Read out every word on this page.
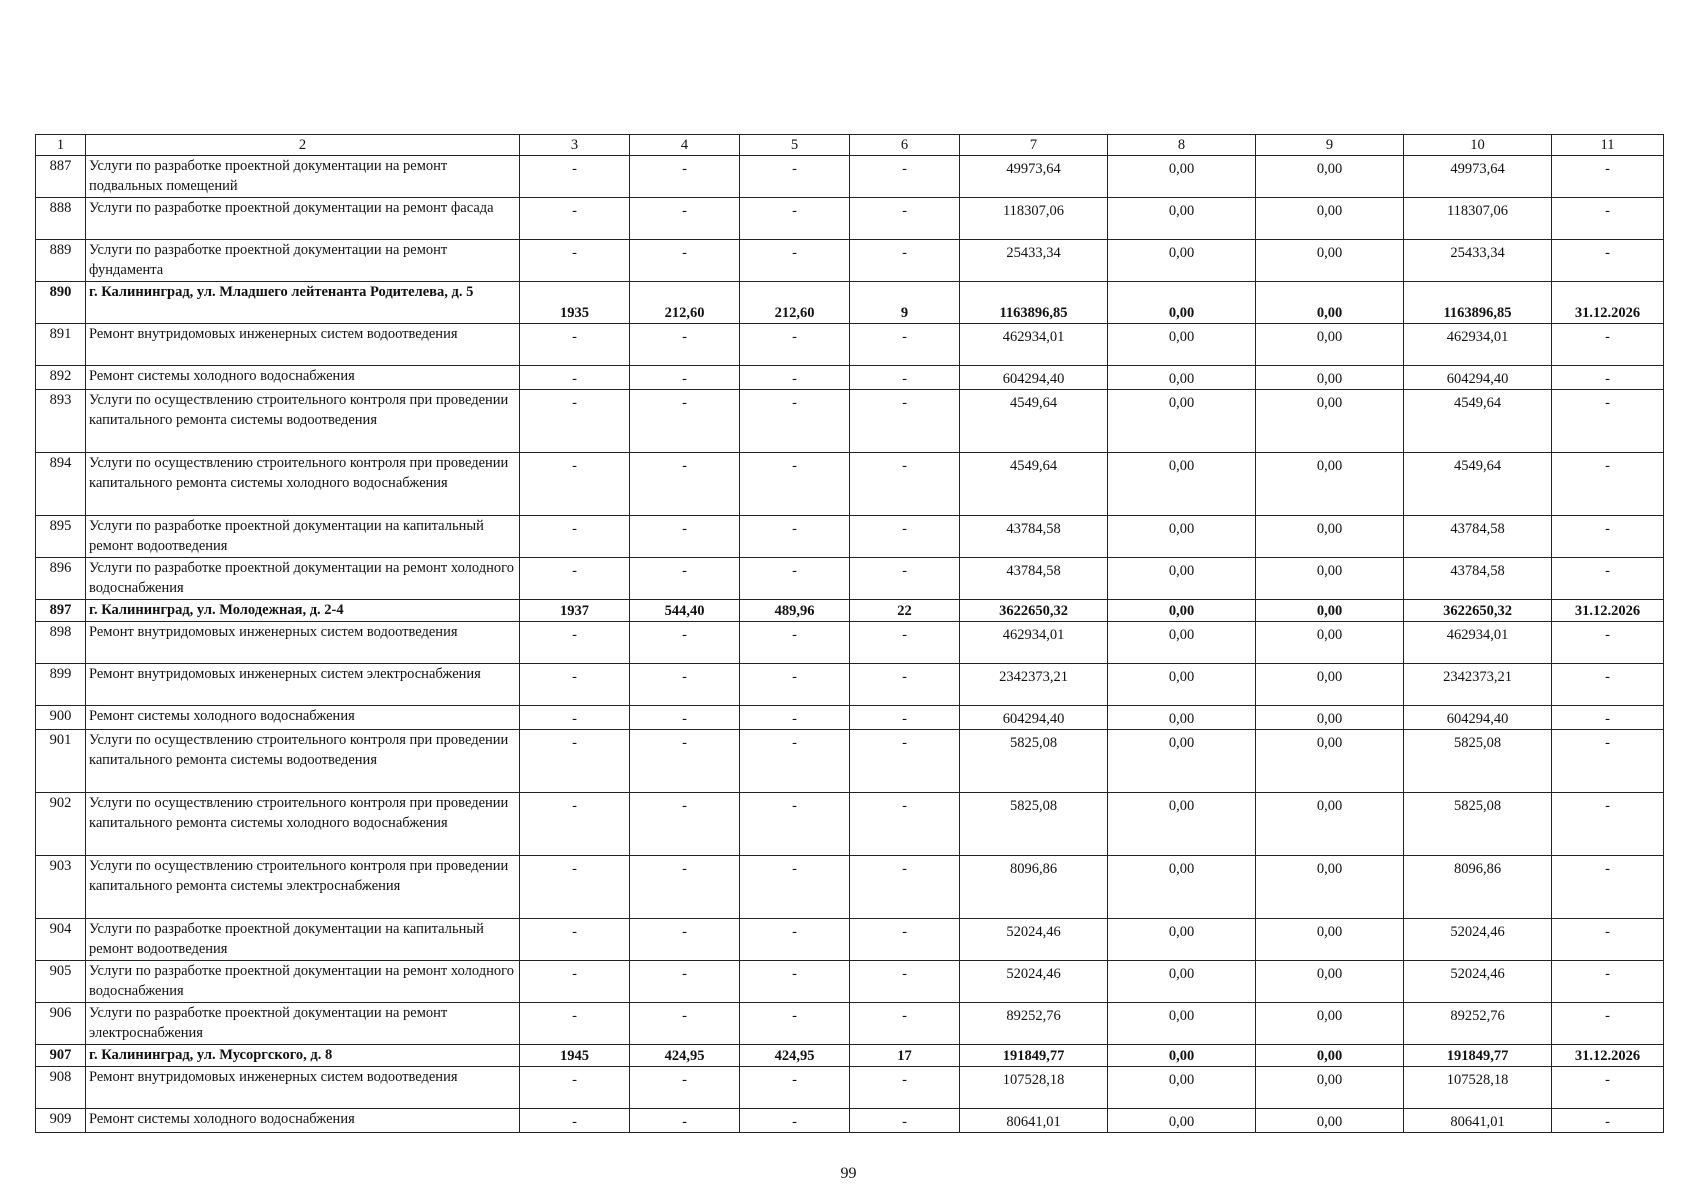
1	2	3	4	5	6	7	8	9	10	11
887	Услуги по разработке проектной документации на ремонт подвальных помещений	-	-	-	-	49973,64	0,00	0,00	49973,64	-
888	Услуги по разработке проектной документации на ремонт фасада	-	-	-	-	118307,06	0,00	0,00	118307,06	-
889	Услуги по разработке проектной документации на ремонт фундамента	-	-	-	-	25433,34	0,00	0,00	25433,34	-
890	г. Калининград, ул. Младшего лейтенанта Родителева, д. 5	1935	212,60	212,60	9	1163896,85	0,00	0,00	1163896,85	31.12.2026
891	Ремонт внутридомовых инженерных систем водоотведения	-	-	-	-	462934,01	0,00	0,00	462934,01	-
892	Ремонт системы холодного водоснабжения	-	-	-	-	604294,40	0,00	0,00	604294,40	-
893	Услуги по осуществлению строительного контроля при проведении капитального ремонта системы водоотведения	-	-	-	-	4549,64	0,00	0,00	4549,64	-
894	Услуги по осуществлению строительного контроля при проведении капитального ремонта системы холодного водоснабжения	-	-	-	-	4549,64	0,00	0,00	4549,64	-
895	Услуги по разработке проектной документации на капитальный ремонт водоотведения	-	-	-	-	43784,58	0,00	0,00	43784,58	-
896	Услуги по разработке проектной документации на ремонт холодного водоснабжения	-	-	-	-	43784,58	0,00	0,00	43784,58	-
897	г. Калининград, ул. Молодежная, д. 2-4	1937	544,40	489,96	22	3622650,32	0,00	0,00	3622650,32	31.12.2026
898	Ремонт внутридомовых инженерных систем водоотведения	-	-	-	-	462934,01	0,00	0,00	462934,01	-
899	Ремонт внутридомовых инженерных систем электроснабжения	-	-	-	-	2342373,21	0,00	0,00	2342373,21	-
900	Ремонт системы холодного водоснабжения	-	-	-	-	604294,40	0,00	0,00	604294,40	-
901	Услуги по осуществлению строительного контроля при проведении капитального ремонта системы водоотведения	-	-	-	-	5825,08	0,00	0,00	5825,08	-
902	Услуги по осуществлению строительного контроля при проведении капитального ремонта системы холодного водоснабжения	-	-	-	-	5825,08	0,00	0,00	5825,08	-
903	Услуги по осуществлению строительного контроля при проведении капитального ремонта системы электроснабжения	-	-	-	-	8096,86	0,00	0,00	8096,86	-
904	Услуги по разработке проектной документации на капитальный ремонт водоотведения	-	-	-	-	52024,46	0,00	0,00	52024,46	-
905	Услуги по разработке проектной документации на ремонт холодного водоснабжения	-	-	-	-	52024,46	0,00	0,00	52024,46	-
906	Услуги по разработке проектной документации на ремонт электроснабжения	-	-	-	-	89252,76	0,00	0,00	89252,76	-
907	г. Калининград, ул. Мусоргского, д. 8	1945	424,95	424,95	17	191849,77	0,00	0,00	191849,77	31.12.2026
908	Ремонт внутридомовых инженерных систем водоотведения	-	-	-	-	107528,18	0,00	0,00	107528,18	-
909	Ремонт системы холодного водоснабжения	-	-	-	-	80641,01	0,00	0,00	80641,01	-
99
